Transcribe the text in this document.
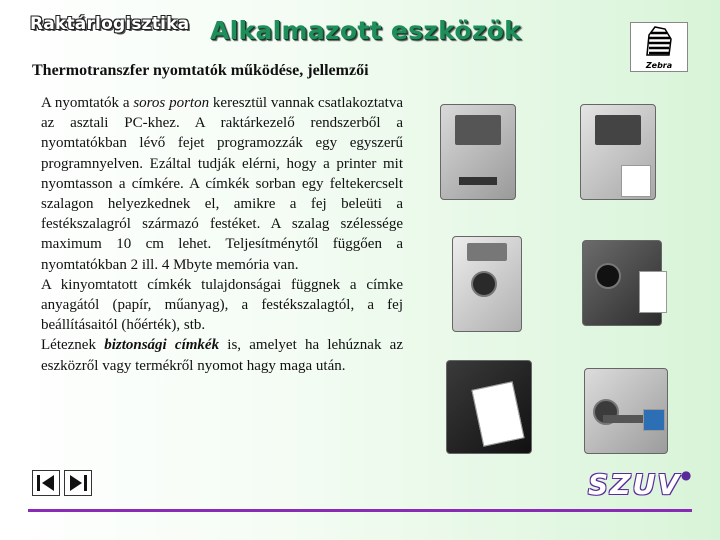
Raktárlogisztika Alkalmazott eszközök
Zebra
Thermotranszfer nyomtatók működése, jellemzői

A nyomtatók a soros porton keresztül vannak csatlakoztatva az asztali PC-khez. A raktárkezelő rendszerből a nyomtatókban lévő fejet programozzák egy egyszerű programnyelven. Ezáltal tudják elérni, hogy a printer mit nyomtasson a címkére. A címkék sorban egy feltekercselt szalagon helyezkednek el, amikre a fej beleüti a festékszalagról származó festéket. A szalag szélessége maximum 10 cm lehet. Teljesítménytől függően a nyomtatókban 2 ill. 4 Mbyte memória van.

A kinyomtatott címkék tulajdonságai függnek a címke anyagától (papír, műanyag), a festékszalagtól, a fej beállításaitól (hőérték), stb.

Léteznek biztonsági címkék is, amelyet ha lehúznak az eszközről vagy termékről nyomot hagy maga után.

SZUV●
